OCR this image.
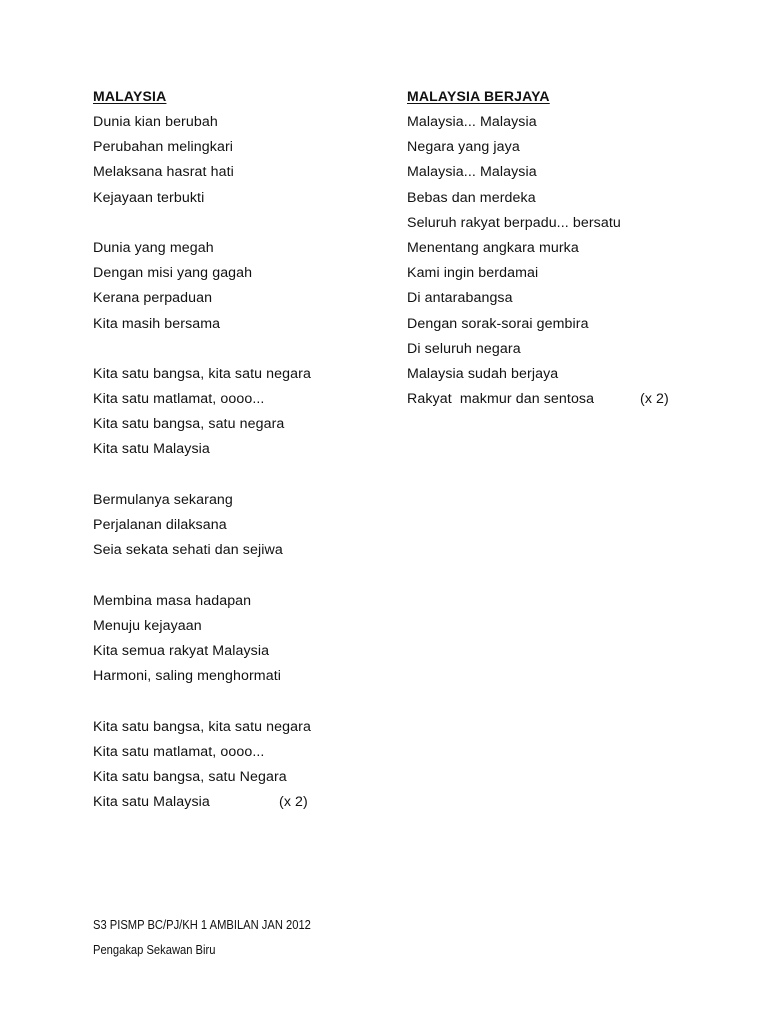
MALAYSIA
Dunia kian berubah
Perubahan melingkari
Melaksana hasrat hati
Kejayaan terbukti
Dunia yang megah
Dengan misi yang gagah
Kerana perpaduan
Kita masih bersama
Kita satu bangsa, kita satu negara
Kita satu matlamat, oooo...
Kita satu bangsa, satu negara
Kita satu Malaysia
Bermulanya sekarang
Perjalanan dilaksana
Seia sekata sehati dan sejiwa
Membina masa hadapan
Menuju kejayaan
Kita semua rakyat Malaysia
Harmoni, saling menghormati
Kita satu bangsa, kita satu negara
Kita satu matlamat, oooo...
Kita satu bangsa, satu Negara
Kita satu Malaysia	(x 2)
MALAYSIA BERJAYA
Malaysia... Malaysia
Negara yang jaya
Malaysia... Malaysia
Bebas dan merdeka
Seluruh rakyat berpadu... bersatu
Menentang angkara murka
Kami ingin berdamai
Di antarabangsa
Dengan sorak-sorai gembira
Di seluruh negara
Malaysia sudah berjaya
Rakyat  makmur dan sentosa	(x 2)
S3 PISMP BC/PJ/KH 1 AMBILAN JAN 2012
Pengakap Sekawan Biru
